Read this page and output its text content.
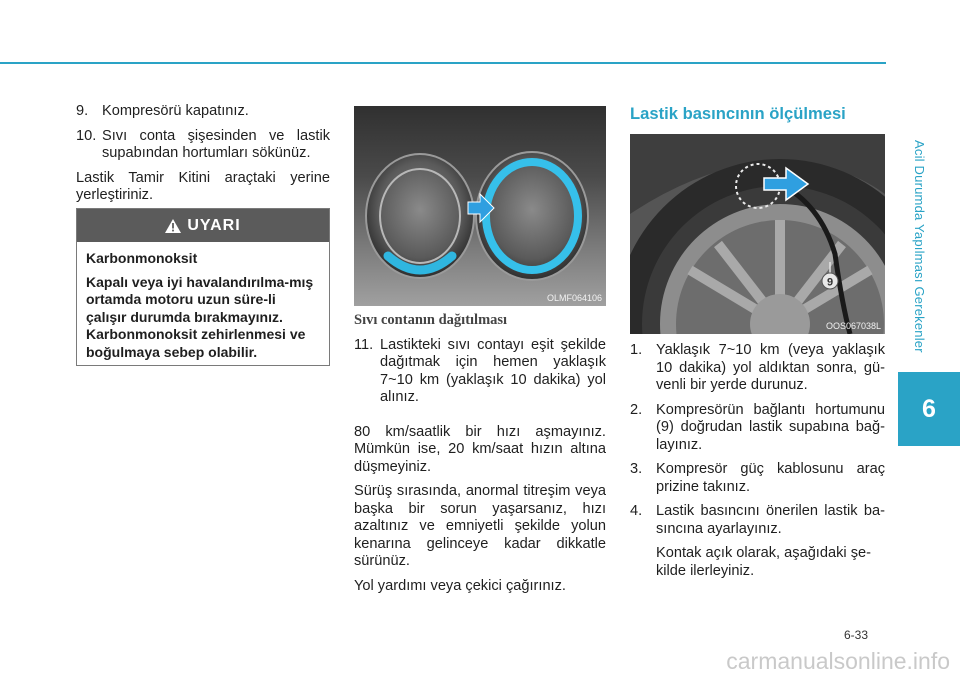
Acil Durumda Yapılması Gerekenler
6
9. Kompresörü kapatınız.
10. Sıvı conta şişesinden ve lastik supabından hortumları sökünüz.

Lastik Tamir Kitini araçtaki yerine yerleştiriniz.

UYARI
Karbonmonoksit
Kapalı veya iyi havalandırılma-mış ortamda motoru uzun süre-li çalışır durumda bırakmayınız. Karbonmonoksit zehirlenmesi ve boğulmaya sebep olabilir.
OLMF064106
Sıvı contanın dağıtılması
11. Lastikteki sıvı contayı eşit şekilde dağıtmak için hemen yaklaşık 7~10 km (yaklaşık 10 dakika) yol alınız.

80 km/saatlik bir hızı aşmayınız. Mümkün ise, 20 km/saat hızın altına düşmeyiniz.

Sürüş sırasında, anormal titreşim veya başka bir sorun yaşarsanız, hızı azaltınız ve emniyetli şekilde yolun kenarına gelinceye kadar dikkatle sürünüz.

Yol yardımı veya çekici çağırınız.

Lastik basıncının ölçülmesi
9
OOS067038L
1. Yaklaşık 7~10 km (veya yaklaşık 10 dakika) yol aldıktan sonra, gü-venli bir yerde durunuz.
2. Kompresörün bağlantı hortumunu (9) doğrudan lastik supabına bağ-layınız.
3. Kompresör güç kablosunu araç prizine takınız.
4. Lastik basıncını önerilen lastik ba-sıncına ayarlayınız.

Kontak açık olarak, aşağıdaki şe-kilde ilerleyiniz.

6-33
carmanualsonline.info
